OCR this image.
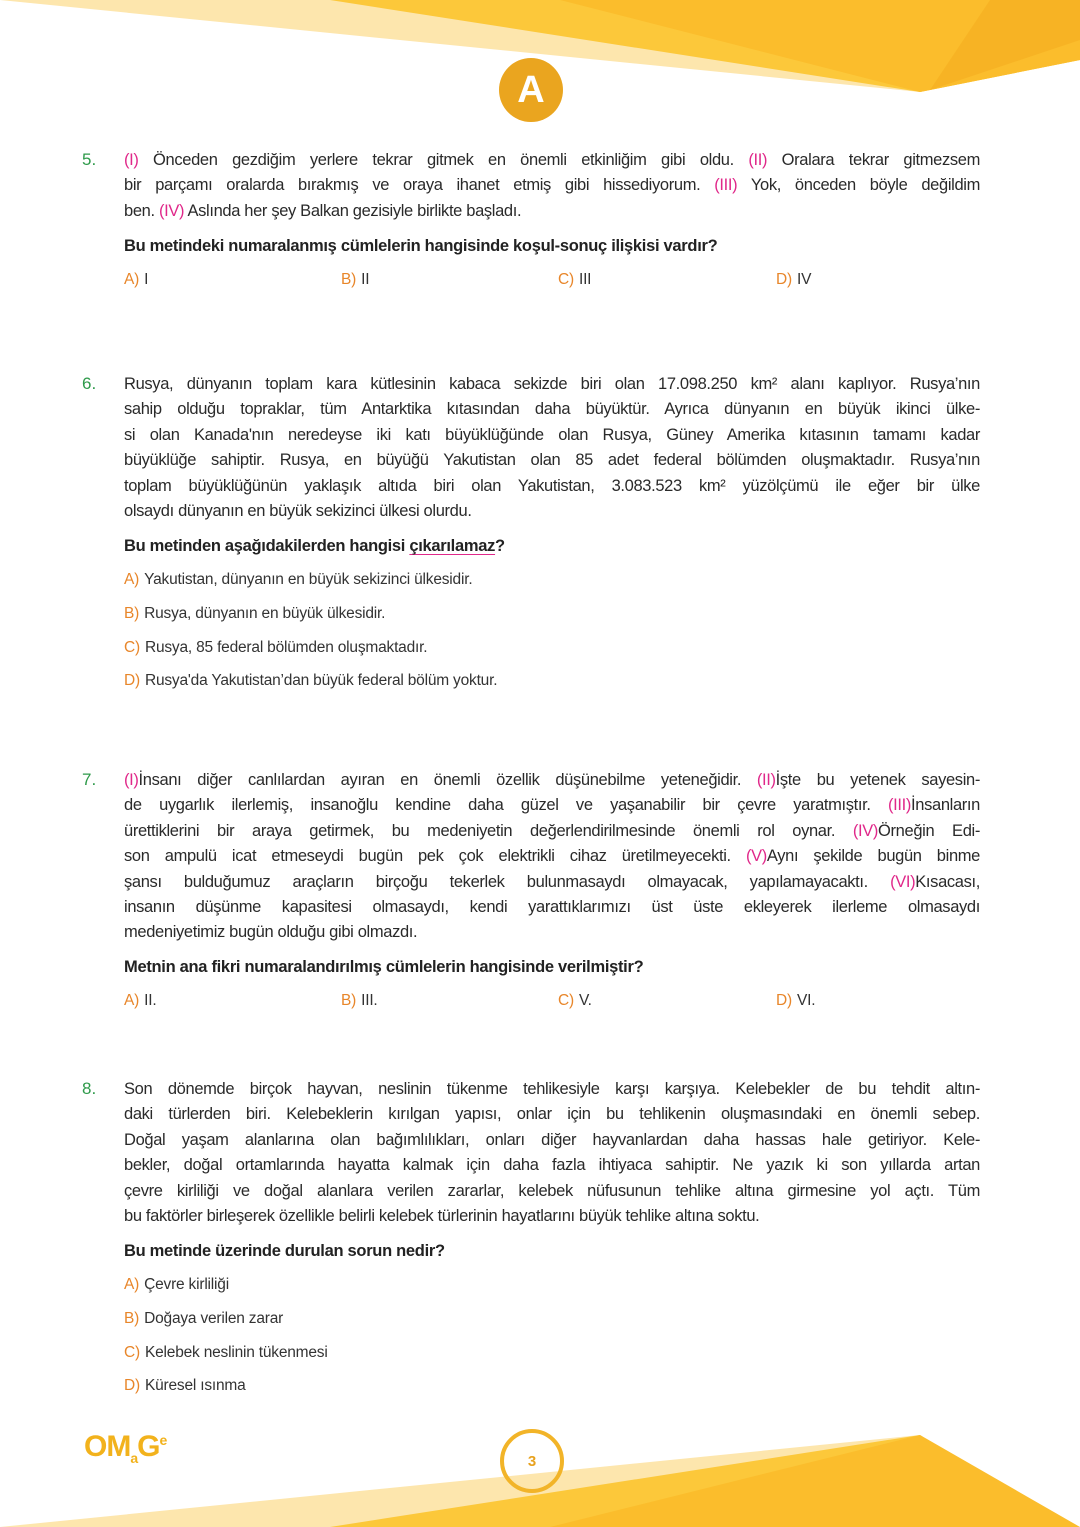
A
5. (I) Önceden gezdiğim yerlere tekrar gitmek en önemli etkinliğim gibi oldu. (II) Oralara tekrar gitmezsem
bir parçamı oralarda bırakmış ve oraya ihanet etmiş gibi hissediyorum. (III) Yok, önceden böyle değildim
ben. (IV) Aslında her şey Balkan gezisiyle birlikte başladı.
Bu metindeki numaralanmış cümlelerin hangisinde koşul-sonuç ilişkisi vardır?
A) I	B) II	C) III	D) IV
6. Rusya, dünyanın toplam kara kütlesinin kabaca sekizde biri olan 17.098.250 km² alanı kaplıyor. Rusya’nın
sahip olduğu topraklar, tüm Antarktika kıtasından daha büyüktür. Ayrıca dünyanın en büyük ikinci ülke-
si olan Kanada'nın neredeyse iki katı büyüklüğünde olan Rusya, Güney Amerika kıtasının tamamı kadar
büyüklüğe sahiptir. Rusya, en büyüğü Yakutistan olan 85 adet federal bölümden oluşmaktadır. Rusya’nın
toplam büyüklüğünün yaklaşık altıda biri olan Yakutistan, 3.083.523 km² yüzölçümü ile eğer bir ülke
olsaydı dünyanın en büyük sekizinci ülkesi olurdu.
Bu metinden aşağıdakilerden hangisi çıkarılamaz?
A) Yakutistan, dünyanın en büyük sekizinci ülkesidir.
B) Rusya, dünyanın en büyük ülkesidir.
C) Rusya, 85 federal bölümden oluşmaktadır.
D) Rusya'da Yakutistan’dan büyük federal bölüm yoktur.
7. (I)İnsanı diğer canlılardan ayıran en önemli özellik düşünebilme yeteneğidir. (II)İşte bu yetenek sayesin-
de uygarlık ilerlemiş, insanoğlu kendine daha güzel ve yaşanabilir bir çevre yaratmıştır. (III)İnsanların
ürettiklerini bir araya getirmek, bu medeniyetin değerlendirilmesinde önemli rol oynar. (IV)Örneğin Edi-
son ampulü icat etmeseydi bugün pek çok elektrikli cihaz üretilmeyecekti. (V)Aynı şekilde bugün binme
şansı bulduğumuz araçların birçoğu tekerlek bulunmasaydı olmayacak, yapılamayacaktı. (VI)Kısacası,
insanın düşünme kapasitesi olmasaydı, kendi yarattıklarımızı üst üste ekleyerek ilerleme olmasaydı
medeniyetimiz bugün olduğu gibi olmazdı.
Metnin ana fikri numaralandırılmış cümlelerin hangisinde verilmiştir?
A) II.	B) III.	C) V.	D) VI.
8. Son dönemde birçok hayvan, neslinin tükenme tehlikesiyle karşı karşıya. Kelebekler de bu tehdit altın-
daki türlerden biri. Kelebeklerin kırılgan yapısı, onlar için bu tehlikenin oluşmasındaki en önemli sebep.
Doğal yaşam alanlarına olan bağımlılıkları, onları diğer hayvanlardan daha hassas hale getiriyor. Kele-
bekler, doğal ortamlarında hayatta kalmak için daha fazla ihtiyaca sahiptir. Ne yazık ki son yıllarda artan
çevre kirliliği ve doğal alanlara verilen zararlar, kelebek nüfusunun tehlike altına girmesine yol açtı. Tüm
bu faktörler birleşerek özellikle belirli kelebek türlerinin hayatlarını büyük tehlike altına soktu.
Bu metinde üzerinde durulan sorun nedir?
A) Çevre kirliliği
B) Doğaya verilen zarar
C) Kelebek neslinin tükenmesi
D) Küresel ısınma
$OM_aG^e$
3
